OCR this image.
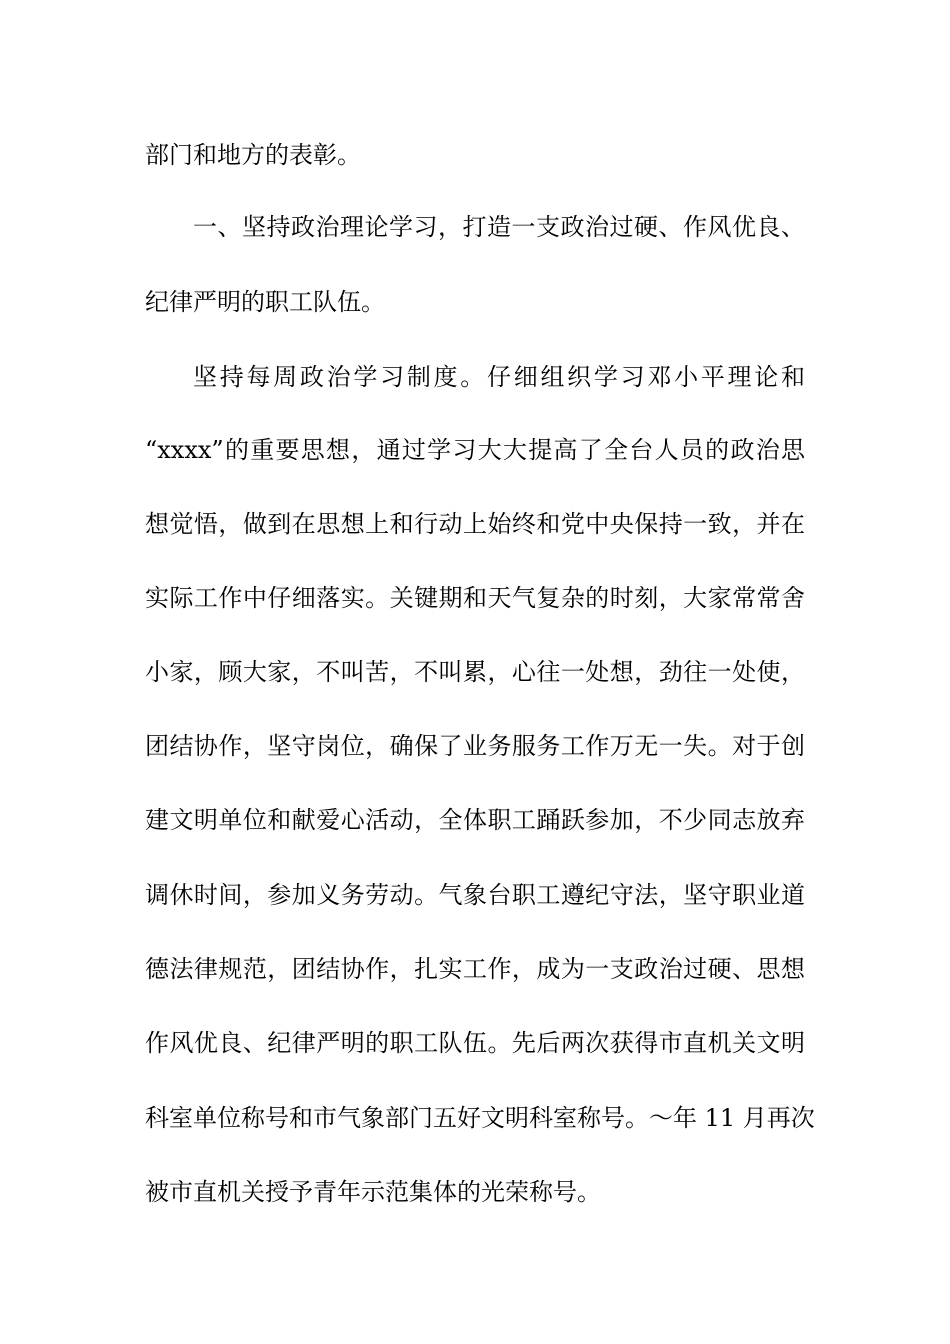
部门和地方的表彰。
一、坚持政治理论学习，打造一支政治过硬、作风优良、
纪律严明的职工队伍。
坚持每周政治学习制度。仔细组织学习邓小平理论和
“xxxx”的重要思想，通过学习大大提高了全台人员的政治思
想觉悟，做到在思想上和行动上始终和党中央保持一致，并在
实际工作中仔细落实。关键期和天气复杂的时刻，大家常常舍
小家，顾大家，不叫苦，不叫累，心往一处想，劲往一处使，
团结协作，坚守岗位，确保了业务服务工作万无一失。对于创
建文明单位和献爱心活动，全体职工踊跃参加，不少同志放弃
调休时间，参加义务劳动。气象台职工遵纪守法，坚守职业道
德法律规范，团结协作，扎实工作，成为一支政治过硬、思想
作风优良、纪律严明的职工队伍。先后两次获得市直机关文明
科室单位称号和市气象部门五好文明科室称号。～年 11 月再次
被市直机关授予青年示范集体的光荣称号。
